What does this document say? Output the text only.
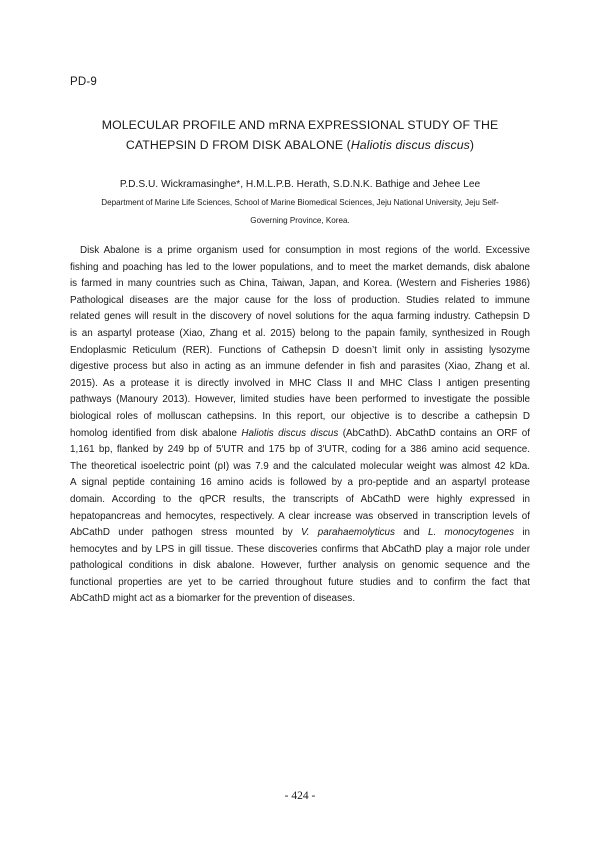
PD-9
MOLECULAR PROFILE AND mRNA EXPRESSIONAL STUDY OF THE
CATHEPSIN D FROM DISK ABALONE (Haliotis discus discus)
P.D.S.U. Wickramasinghe*, H.M.L.P.B. Herath, S.D.N.K. Bathige and Jehee Lee
Department of Marine Life Sciences, School of Marine Biomedical Sciences, Jeju National University, Jeju Self-
Governing Province, Korea.
Disk Abalone is a prime organism used for consumption in most regions of the world. Excessive
fishing and poaching has led to the lower populations, and to meet the market demands, disk abalone
is farmed in many countries such as China, Taiwan, Japan, and Korea. (Western and Fisheries 1986)
Pathological diseases are the major cause for the loss of production. Studies related to immune
related genes will result in the discovery of novel solutions for the aqua farming industry. Cathepsin D
is an aspartyl protease (Xiao, Zhang et al. 2015) belong to the papain family, synthesized in Rough
Endoplasmic Reticulum (RER). Functions of Cathepsin D doesn’t limit only in assisting lysozyme
digestive process but also in acting as an immune defender in fish and parasites (Xiao, Zhang et al.
2015). As a protease it is directly involved in MHC Class II and MHC Class I antigen presenting
pathways (Manoury 2013). However, limited studies have been performed to investigate the possible
biological roles of molluscan cathepsins. In this report, our objective is to describe a cathepsin D
homolog identified from disk abalone Haliotis discus discus (AbCathD). AbCathD contains an ORF of
1,161 bp, flanked by 249 bp of 5′UTR and 175 bp of 3′UTR, coding for a 386 amino acid sequence.
The theoretical isoelectric point (pI) was 7.9 and the calculated molecular weight was almost 42 kDa.
A signal peptide containing 16 amino acids is followed by a pro-peptide and an aspartyl protease
domain. According to the qPCR results, the transcripts of AbCathD were highly expressed in
hepatopancreas and hemocytes, respectively. A clear increase was observed in transcription levels of
AbCathD under pathogen stress mounted by V. parahaemolyticus and L. monocytogenes in
hemocytes and by LPS in gill tissue. These discoveries confirms that AbCathD play a major role under
pathological conditions in disk abalone. However, further analysis on genomic sequence and the
functional properties are yet to be carried throughout future studies and to confirm the fact that
AbCathD might act as a biomarker for the prevention of diseases.
- 424 -
